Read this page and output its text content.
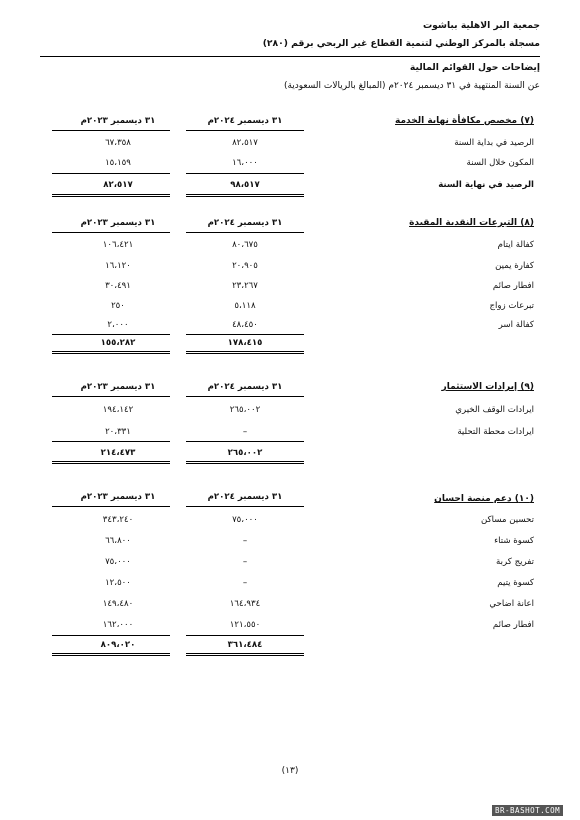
جمعية البر الاهلية بباشوت
مسجلة بالمركز الوطني لتنمية القطاع غير الربحي برقم (٢٨٠)
إيضاحات حول القوائم المالية
عن السنة المنتهية في ٣١ ديسمبر ٢٠٢٤م (المبالغ بالريالات السعودية)
(٧) مخصص مكافأة نهاية الخدمة
٣١ ديسمبر ٢٠٢٤م
٣١ ديسمبر ٢٠٢٣م
الرصيد في بداية السنة
٨٢،٥١٧
٦٧،٣٥٨
المكون خلال السنة
١٦،٠٠٠
١٥،١٥٩
الرصيد في نهاية السنة
٩٨،٥١٧
٨٢،٥١٧
(٨) التبرعات النقدية المقيدة
٣١ ديسمبر ٢٠٢٤م
٣١ ديسمبر ٢٠٢٣م
كفالة ايتام
٨٠،٦٧٥
١٠٦،٤٢١
كفارة يمين
٢٠،٩٠٥
١٦،١٢٠
افطار صائم
٢٣،٢٦٧
٣٠،٤٩١
تبرعات زواج
٥،١١٨
٢٥٠
كفالة اسر
٤٨،٤٥٠
٢،٠٠٠
١٧٨،٤١٥
١٥٥،٢٨٢
(٩) إيرادات الاستثمار
٣١ ديسمبر ٢٠٢٤م
٣١ ديسمبر ٢٠٢٣م
ايرادات الوقف الخيري
٢٦٥،٠٠٢
١٩٤،١٤٢
ايرادات محطة التحلية
–
٢٠،٣٣١
٢٦٥،٠٠٢
٢١٤،٤٧٣
(١٠) دعم منصة احسان
٣١ ديسمبر ٢٠٢٤م
٣١ ديسمبر ٢٠٢٣م
تحسين مساكن
٧٥،٠٠٠
٣٤٣،٢٤٠
كسوة شتاء
–
٦٦،٨٠٠
تفريج كربة
–
٧٥،٠٠٠
كسوة يتيم
–
١٢،٥٠٠
اعانة اضاحي
١٦٤،٩٣٤
١٤٩،٤٨٠
افطار صائم
١٢١،٥٥٠
١٦٢،٠٠٠
٣٦١،٤٨٤
٨٠٩،٠٢٠
(١٣)
BR-BASHOT.COM
